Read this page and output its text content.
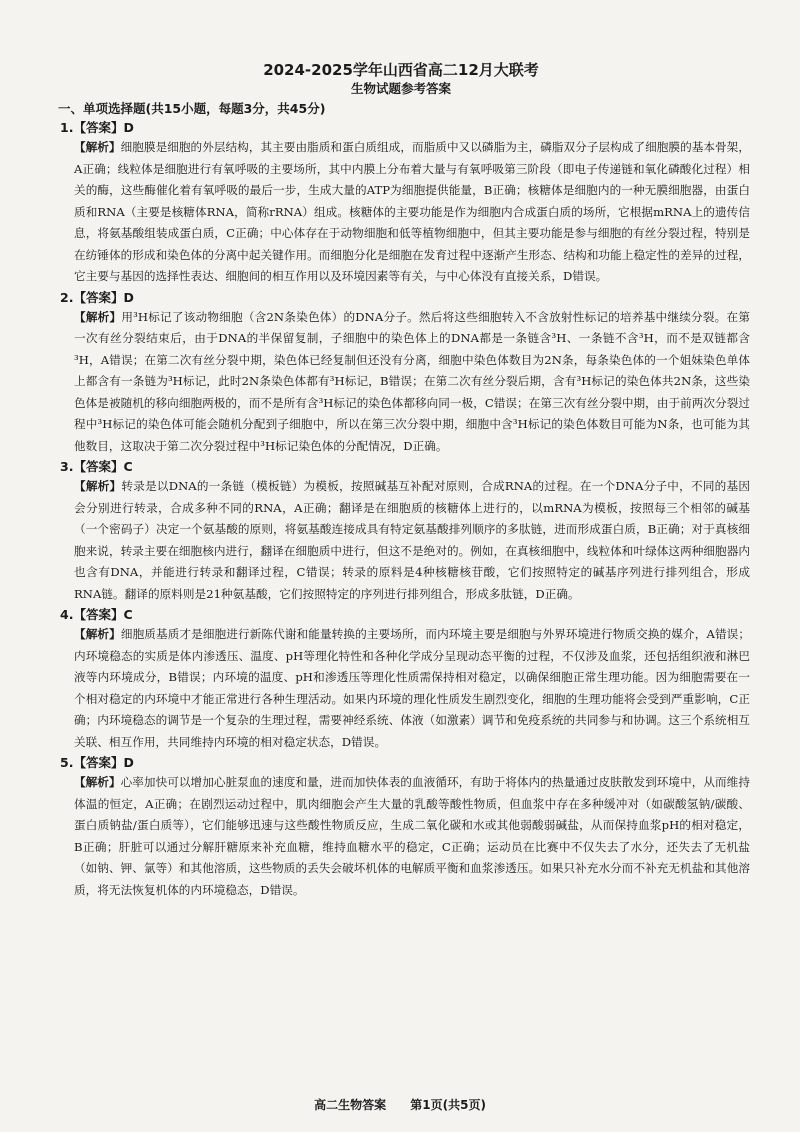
2024-2025学年山西省高二12月大联考
生物试题参考答案
一、单项选择题(共15小题，每题3分，共45分)
1.【答案】D

【解析】细胞膜是细胞的外层结构，其主要由脂质和蛋白质组成，而脂质中又以磷脂为主，磷脂双分子层构成了细胞膜的基本骨架，A正确；线粒体是细胞进行有氧呼吸的主要场所，其中内膜上分布着大量与有氧呼吸第三阶段（即电子传递链和氧化磷酸化过程）相关的酶，这些酶催化着有氧呼吸的最后一步，生成大量的ATP为细胞提供能量，B正确；核糖体是细胞内的一种无膜细胞器，由蛋白质和RNA（主要是核糖体RNA，简称rRNA）组成。核糖体的主要功能是作为细胞内合成蛋白质的场所，它根据mRNA上的遗传信息，将氨基酸组装成蛋白质，C正确；中心体存在于动物细胞和低等植物细胞中，但其主要功能是参与细胞的有丝分裂过程，特别是在纺锤体的形成和染色体的分离中起关键作用。而细胞分化是细胞在发育过程中逐渐产生形态、结构和功能上稳定性的差异的过程，它主要与基因的选择性表达、细胞间的相互作用以及环境因素等有关，与中心体没有直接关系，D错误。

2.【答案】D

【解析】用³H标记了该动物细胞（含2N条染色体）的DNA分子。然后将这些细胞转入不含放射性标记的培养基中继续分裂。在第一次有丝分裂结束后，由于DNA的半保留复制，子细胞中的染色体上的DNA都是一条链含³H、一条链不含³H，而不是双链都含³H，A错误；在第二次有丝分裂中期，染色体已经复制但还没有分离，细胞中染色体数目为2N条，每条染色体的一个姐妹染色单体上都含有一条链为³H标记，此时2N条染色体都有³H标记，B错误；在第二次有丝分裂后期，含有³H标记的染色体共2N条，这些染色体是被随机的移向细胞两极的，而不是所有含³H标记的染色体都移向同一极，C错误；在第三次有丝分裂中期，由于前两次分裂过程中³H标记的染色体可能会随机分配到子细胞中，所以在第三次分裂中期，细胞中含³H标记的染色体数目可能为N条，也可能为其他数目，这取决于第二次分裂过程中³H标记染色体的分配情况，D正确。

3.【答案】C

【解析】转录是以DNA的一条链（模板链）为模板，按照碱基互补配对原则，合成RNA的过程。在一个DNA分子中，不同的基因会分别进行转录，合成多种不同的RNA，A正确；翻译是在细胞质的核糖体上进行的，以mRNA为模板，按照每三个相邻的碱基（一个密码子）决定一个氨基酸的原则，将氨基酸连接成具有特定氨基酸排列顺序的多肽链，进而形成蛋白质，B正确；对于真核细胞来说，转录主要在细胞核内进行，翻译在细胞质中进行，但这不是绝对的。例如，在真核细胞中，线粒体和叶绿体这两种细胞器内也含有DNA，并能进行转录和翻译过程，C错误；转录的原料是4种核糖核苷酸，它们按照特定的碱基序列进行排列组合，形成RNA链。翻译的原料则是21种氨基酸，它们按照特定的序列进行排列组合，形成多肽链，D正确。

4.【答案】C

【解析】细胞质基质才是细胞进行新陈代谢和能量转换的主要场所，而内环境主要是细胞与外界环境进行物质交换的媒介，A错误；内环境稳态的实质是体内渗透压、温度、pH等理化特性和各种化学成分呈现动态平衡的过程，不仅涉及血浆，还包括组织液和淋巴液等内环境成分，B错误；内环境的温度、pH和渗透压等理化性质需保持相对稳定，以确保细胞正常生理功能。因为细胞需要在一个相对稳定的内环境中才能正常进行各种生理活动。如果内环境的理化性质发生剧烈变化，细胞的生理功能将会受到严重影响，C正确；内环境稳态的调节是一个复杂的生理过程，需要神经系统、体液（如激素）调节和免疫系统的共同参与和协调。这三个系统相互关联、相互作用，共同维持内环境的相对稳定状态，D错误。

5.【答案】D

【解析】心率加快可以增加心脏泵血的速度和量，进而加快体表的血液循环，有助于将体内的热量通过皮肤散发到环境中，从而维持体温的恒定，A正确；在剧烈运动过程中，肌肉细胞会产生大量的乳酸等酸性物质，但血浆中存在多种缓冲对（如碳酸氢钠/碳酸、蛋白质钠盐/蛋白质等），它们能够迅速与这些酸性物质反应，生成二氧化碳和水或其他弱酸弱碱盐，从而保持血浆pH的相对稳定，B正确；肝脏可以通过分解肝糖原来补充血糖，维持血糖水平的稳定，C正确；运动员在比赛中不仅失去了水分，还失去了无机盐（如钠、钾、氯等）和其他溶质，这些物质的丢失会破坏机体的电解质平衡和血浆渗透压。如果只补充水分而不补充无机盐和其他溶质，将无法恢复机体的内环境稳态，D错误。

高二生物答案 第1页(共5页)
